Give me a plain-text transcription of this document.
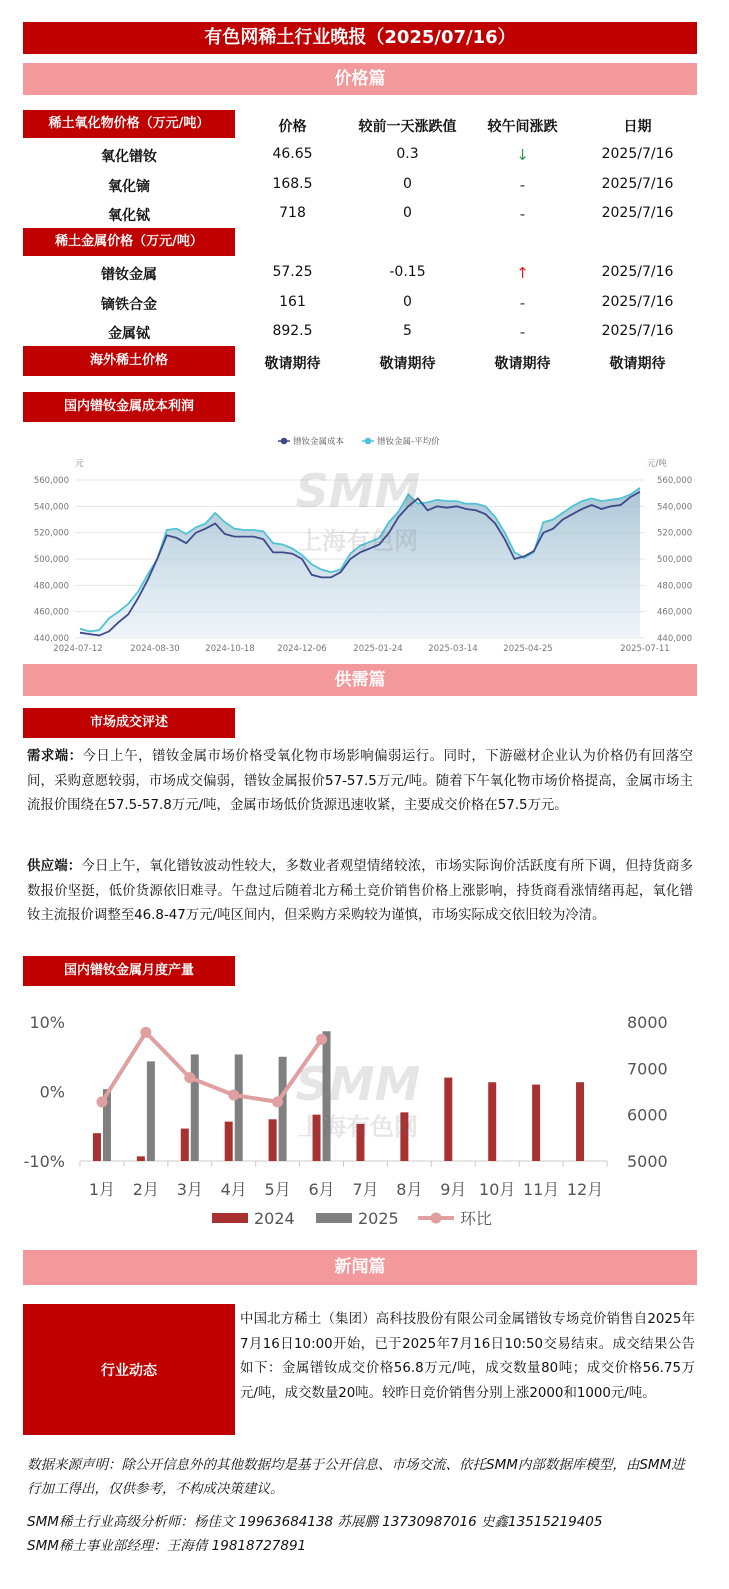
有色网稀土行业晚报（2025/07/16）
价格篇
稀土氧化物价格（万元/吨）	价格	较前一天涨跌值	较午间涨跌	日期
氧化镨钕	46.65	0.3	↓	2025/7/16
氧化镝	168.5	0	-	2025/7/16
氧化铽	718	0	-	2025/7/16
稀土金属价格（万元/吨）
镨钕金属	57.25	-0.15	↑	2025/7/16
镝铁合金	161	0	-	2025/7/16
金属铽	892.5	5	-	2025/7/16
海外稀土价格	敬请期待	敬请期待	敬请期待	敬请期待
国内镨钕金属成本利润
镨钕金属成本	镨钕金属-平均价
440,000	440,000
460,000	460,000
480,000	480,000
500,000	500,000
520,000	520,000
540,000	540,000
560,000	560,000
元	元/吨
2024-07-12	2024-08-30	2024-10-18	2024-12-06	2025-01-24	2025-03-14	2025-04-25	2025-07-11
SMM
上海有色网
供需篇
市场成交评述
需求端：今日上午，镨钕金属市场价格受氧化物市场影响偏弱运行。同时，下游磁材企业认为价格仍有回落空间，采购意愿较弱，市场成交偏弱，镨钕金属报价57-57.5万元/吨。随着下午氧化物市场价格提高，金属市场主流报价围绕在57.5-57.8万元/吨，金属市场低价货源迅速收紧，主要成交价格在57.5万元。
供应端：今日上午，氧化镨钕波动性较大，多数业者观望情绪较浓，市场实际询价活跃度有所下调，但持货商多数报价坚挺，低价货源依旧难寻。午盘过后随着北方稀土竞价销售价格上涨影响，持货商看涨情绪再起，氧化镨钕主流报价调整至46.8-47万元/吨区间内，但采购方采购较为谨慎，市场实际成交依旧较为冷清。
国内镨钕金属月度产量
10%
0%
-10%
8000
7000
6000
5000
1月 2月 3月 4月 5月 6月 7月 8月 9月 10月 11月 12月
2024	2025	环比
SMM
上海有色网
新闻篇
行业动态
中国北方稀土（集团）高科技股份有限公司金属镨钕专场竞价销售自2025年7月16日10:00开始，已于2025年7月16日10:50交易结束。成交结果公告如下：金属镨钕成交价格56.8万元/吨，成交数量80吨；成交价格56.75万元/吨，成交数量20吨。较昨日竞价销售分别上涨2000和1000元/吨。
数据来源声明：除公开信息外的其他数据均是基于公开信息、市场交流、依托SMM内部数据库模型，由SMM进行加工得出，仅供参考，不构成决策建议。
SMM稀土行业高级分析师：杨佳文 19963684138 苏展鹏 13730987016 史鑫13515219405
SMM稀土事业部经理：王海倩 19818727891
